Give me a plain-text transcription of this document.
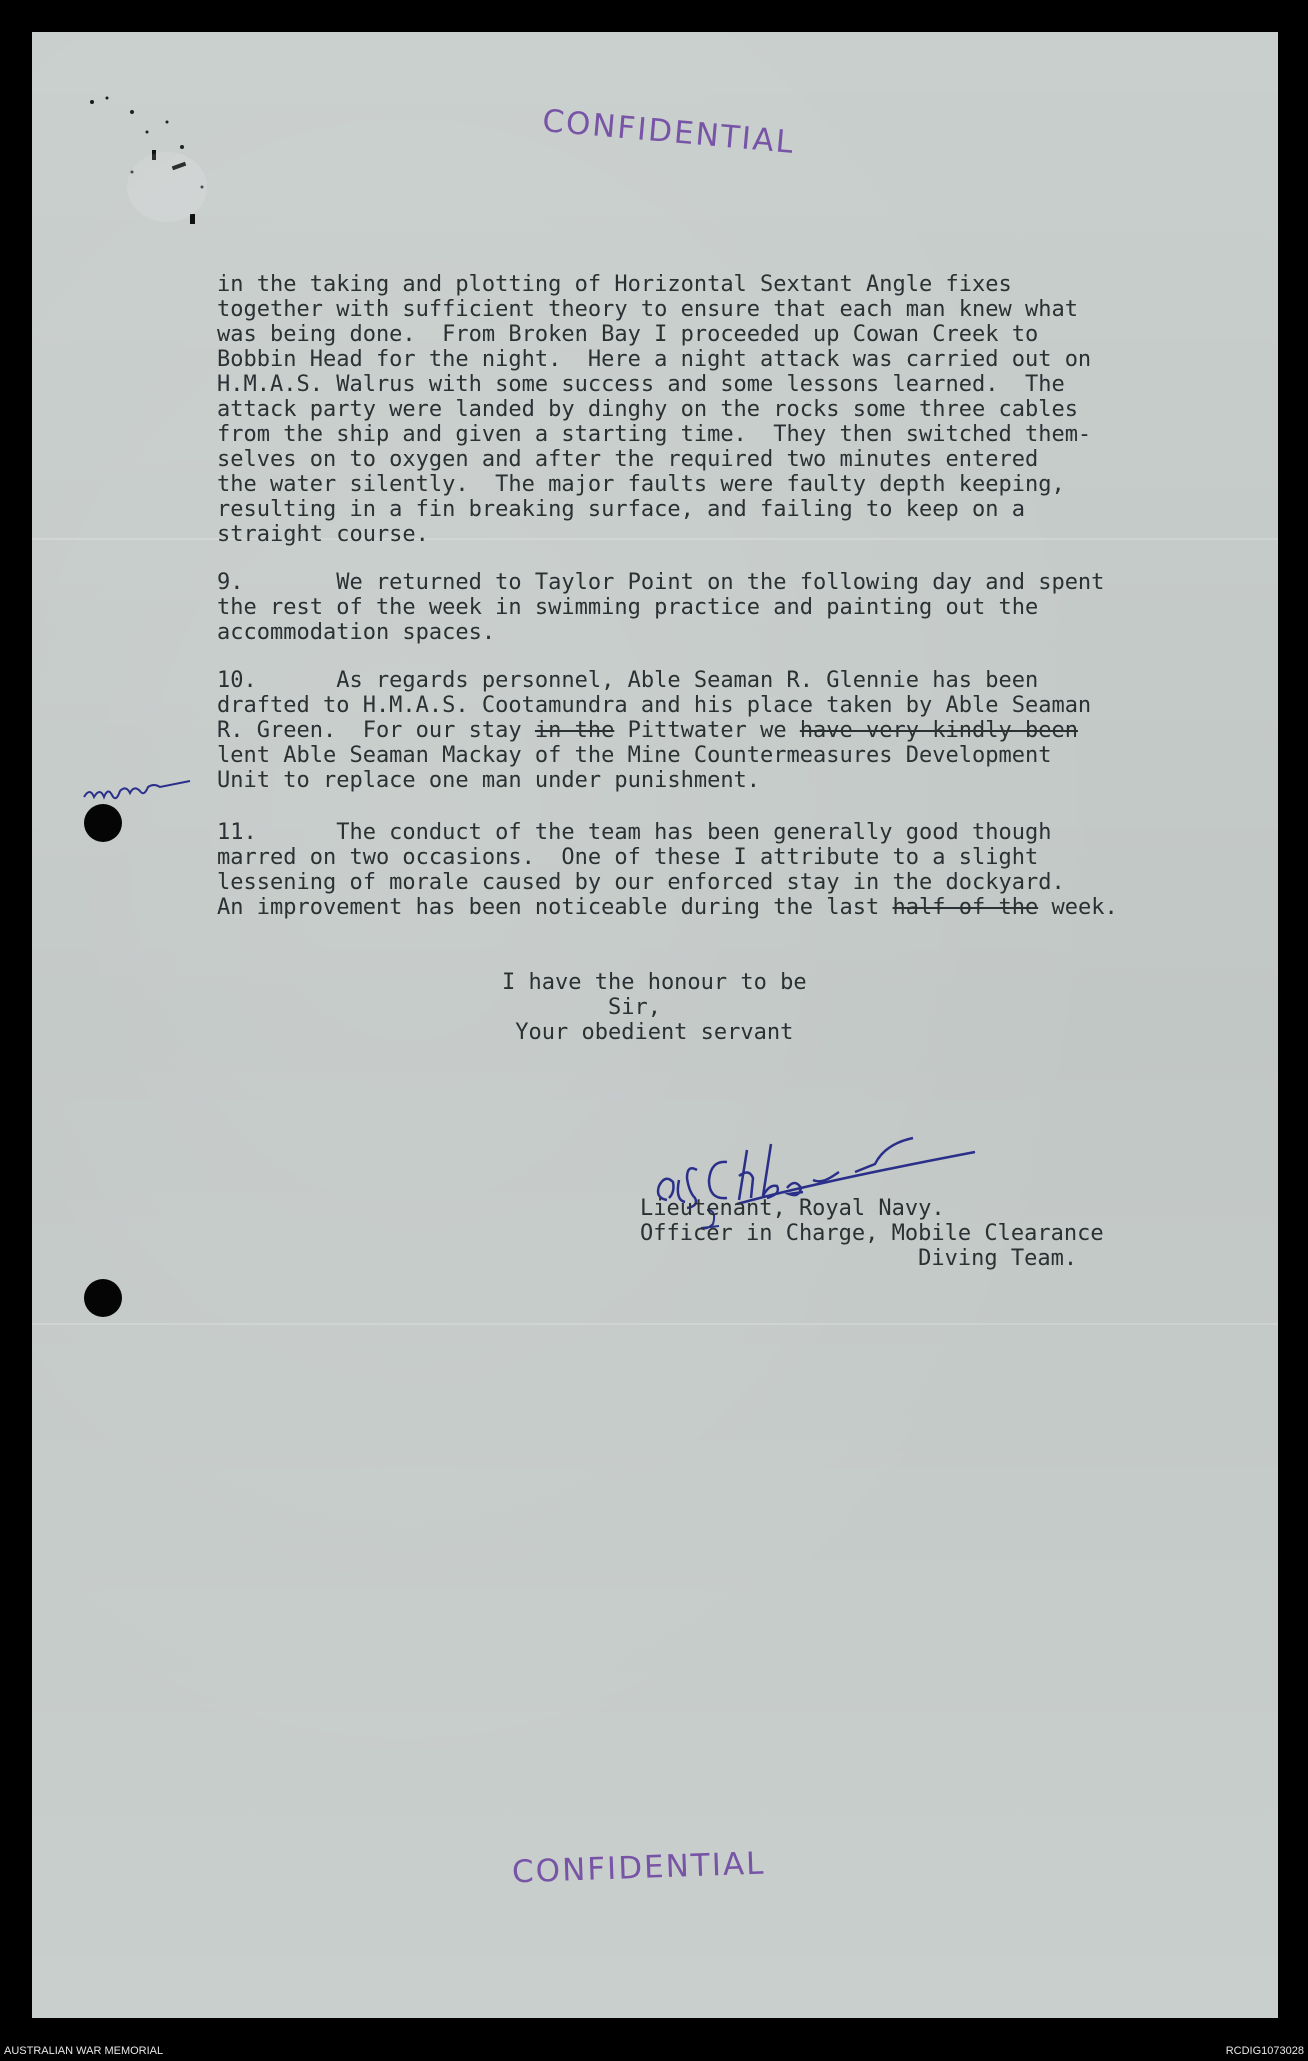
CONFIDENTIAL
in the taking and plotting of Horizontal Sextant Angle fixes
together with sufficient theory to ensure that each man knew what
was being done.  From Broken Bay I proceeded up Cowan Creek to
Bobbin Head for the night.  Here a night attack was carried out on
H.M.A.S. Walrus with some success and some lessons learned.  The
attack party were landed by dinghy on the rocks some three cables
from the ship and given a starting time.  They then switched them-
selves on to oxygen and after the required two minutes entered
the water silently.  The major faults were faulty depth keeping,
resulting in a fin breaking surface, and failing to keep on a
straight course.
9.       We returned to Taylor Point on the following day and spent
the rest of the week in swimming practice and painting out the
accommodation spaces.
10.      As regards personnel, Able Seaman R. Glennie has been
drafted to H.M.A.S. Cootamundra and his place taken by Able Seaman
R. Green.  For our stay in the Pittwater we have very kindly been
lent Able Seaman Mackay of the Mine Countermeasures Development
Unit to replace one man under punishment.
11.      The conduct of the team has been generally good though
marred on two occasions.  One of these I attribute to a slight
lessening of morale caused by our enforced stay in the dockyard.
An improvement has been noticeable during the last half of the week.
I have the honour to be
Sir,
Your obedient servant
Lieutenant, Royal Navy.
Officer in Charge, Mobile Clearance
Diving Team.
CONFIDENTIAL
AUSTRALIAN WAR MEMORIAL	RCDIG1073028
